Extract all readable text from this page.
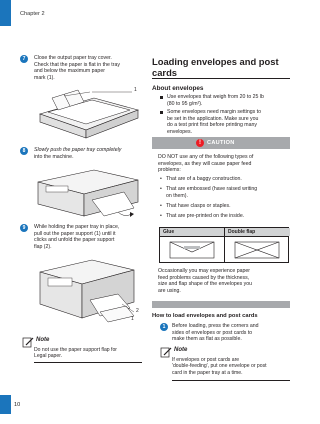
Chapter 2
10
7	Close the output paper tray cover.
Check that the paper is flat in the tray
and below the maximum paper
mark (1).
1
8	Slowly push the paper tray completely
into the machine.
9	While holding the paper tray in place,
pull out the paper support (1) until it
clicks and unfold the paper support
flap (2).
2
1
Note
Do not use the paper support flap for
Legal paper.
Loading envelopes and post
cards
About envelopes
Use envelopes that weigh from 20 to 25 lb
(80 to 95 g/m²).
Some envelopes need margin settings to
be set in the application. Make sure you
do a test print first before printing many
envelopes.
!	CAUTION
DO NOT use any of the following types of
envelopes, as they will cause paper feed
problems:
• That are of a baggy construction.
• That are embossed (have raised writing
on them).
• That have clasps or staples.
• That are pre-printed on the inside.
Glue	Double flap
Occasionally you may experience paper
feed problems caused by the thickness,
size and flap shape of the envelopes you
are using.
How to load envelopes and post cards
1	Before loading, press the corners and
sides of envelopes or post cards to
make them as flat as possible.
Note
If envelopes or post cards are
'double-feeding', put one envelope or post
card in the paper tray at a time.
